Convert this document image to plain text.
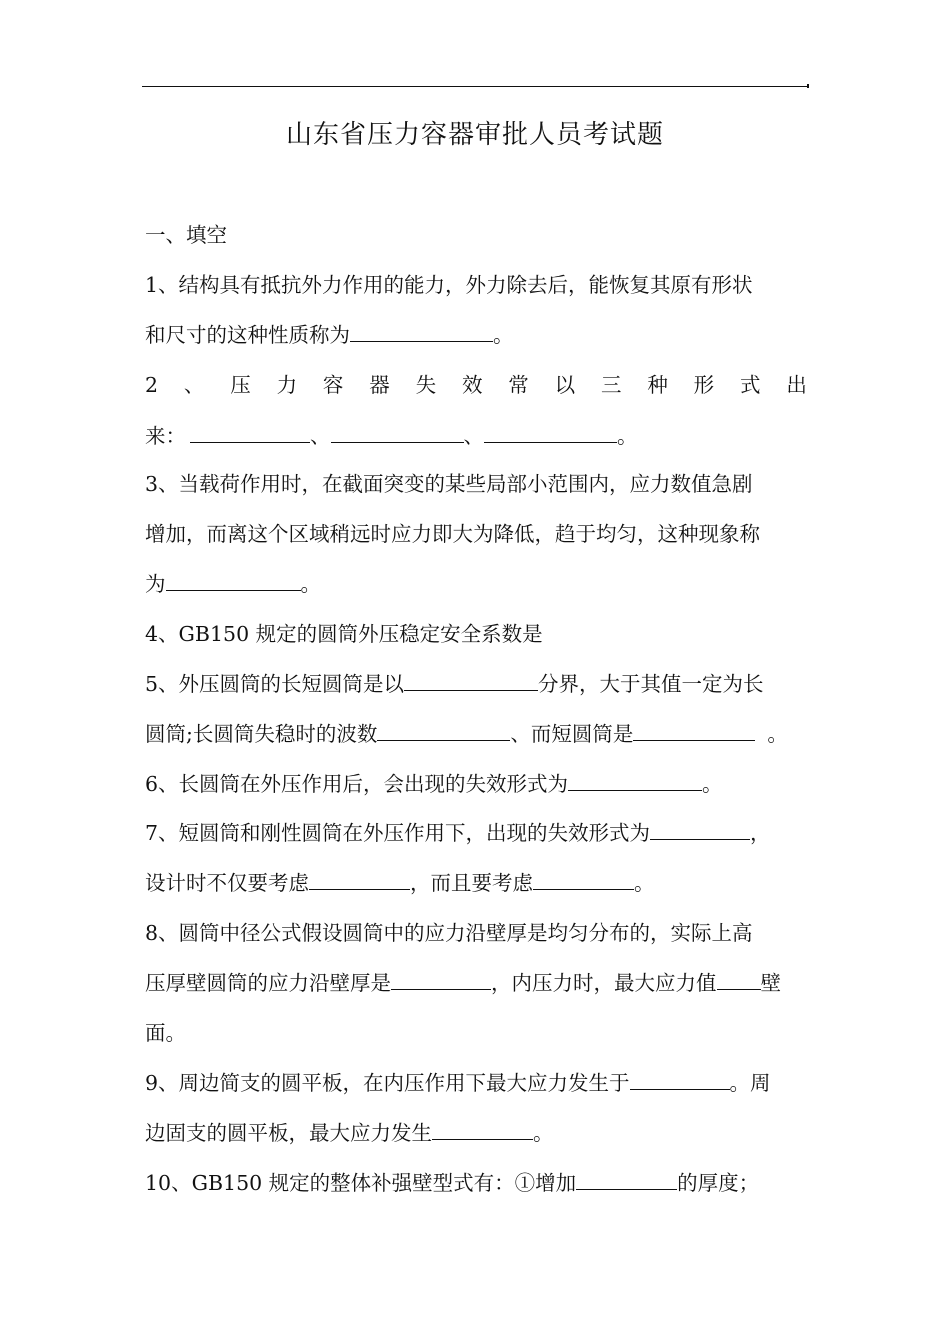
山东省压力容器审批人员考试题
一、填空
1、结构具有抵抗外力作用的能力，外力除去后，能恢复其原有形状
和尺寸的这种性质称为	。
2 、 压 力 容 器 失 效 常 以 三 种 形 式 出
来：	、	、	。
3、当载荷作用时，在截面突变的某些局部小范围内，应力数值急剧
增加，而离这个区域稍远时应力即大为降低，趋于均匀，这种现象称
为	。
4、GB150 规定的圆筒外压稳定安全系数是
5、外压圆筒的长短圆筒是以	分界，大于其值一定为长
圆筒;长圆筒失稳时的波数	、而短圆筒是	。
6、长圆筒在外压作用后，会出现的失效形式为	。
7、短圆筒和刚性圆筒在外压作用下，出现的失效形式为	，
设计时不仅要考虑	，而且要考虑	。
8、圆筒中径公式假设圆筒中的应力沿壁厚是均匀分布的，实际上高
压厚壁圆筒的应力沿壁厚是	，内压力时，最大应力值 壁
面。
9、周边简支的圆平板，在内压作用下最大应力发生于	。周
边固支的圆平板，最大应力发生	。
10、GB150 规定的整体补强壁型式有：①增加	的厚度；
